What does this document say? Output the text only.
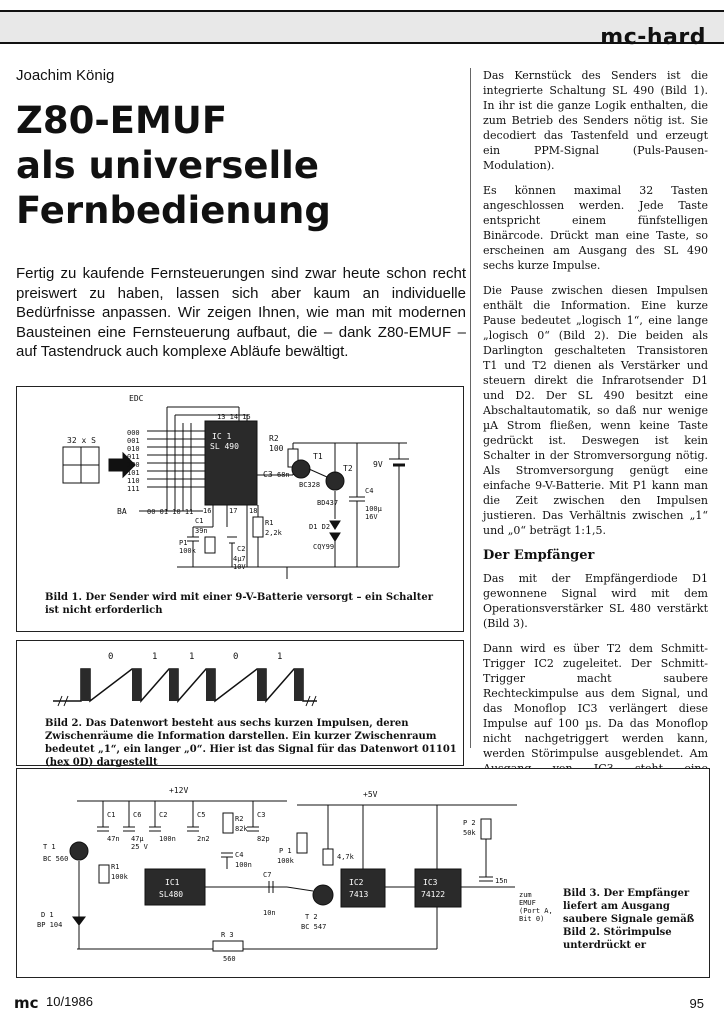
mc-hard
Joachim König
Z80-EMUF
als universelle
Fernbedienung
Fertig zu kaufende Fernsteuerungen sind zwar heute schon recht preiswert zu haben, lassen sich aber kaum an individuelle Bedürfnisse anpassen. Wir zeigen Ihnen, wie man mit modernen Bausteinen eine Fernsteuerung aufbaut, die – dank Z80-EMUF – auf Tastendruck auch komplexe Abläufe bewältigt.

Das Kernstück des Senders ist die integrierte Schaltung SL 490 (Bild 1). In ihr ist die ganze Logik enthalten, die zum Betrieb des Senders nötig ist. Sie decodiert das Tastenfeld und erzeugt ein PPM-Signal (Puls-Pausen-Modulation).

Es können maximal 32 Tasten angeschlossen werden. Jede Taste entspricht einem fünfstelligen Binärcode. Drückt man eine Taste, so erscheinen am Ausgang des SL 490 sechs kurze Impulse.

Die Pause zwischen diesen Impulsen enthält die Information. Eine kurze Pause bedeutet „logisch 1“, eine lange „logisch 0“ (Bild 2). Die beiden als Darlington geschalteten Transistoren T1 und T2 dienen als Verstärker und steuern direkt die Infrarotsender D1 und D2. Der SL 490 besitzt eine Abschaltautomatik, so daß nur wenige µA Strom fließen, wenn keine Taste gedrückt ist. Deswegen ist kein Schalter in der Stromversorgung nötig. Als Stromversorgung genügt eine einfache 9-V-Batterie. Mit P1 kann man die Zeit zwischen den Impulsen justieren. Das Verhältnis zwischen „1“ und „0“ beträgt 1:1,5.

Der Empfänger

Das mit der Empfängerdiode D1 gewonnene Signal wird mit dem Operationsverstärker SL 480 verstärkt (Bild 3).

Dann wird es über T2 dem Schmitt-Trigger IC2 zugeleitet. Der Schmitt-Trigger macht saubere Rechteckimpulse aus dem Signal, und das Monoflop IC3 verlängert diese Impulse auf 100 µs. Da das Monoflop nicht nachgetriggert werden kann, werden Störimpulse ausgeblendet. Am

EDC
32 x S	IC 1
SL 490
13 14 15
BA	00 01 10 11 16	17 18
R2
100
C3 68n
T1
BC328
T2
BD437
9V
C4
100µ
16V
D1 D2
CQY99
C1
39n
P1
100k
R1
2,2k
C2
4µ7
10V
000
001
010
011
100
101
110
111
Bild 1. Der Sender wird mit einer 9-V-Batterie versorgt – ein Schalter ist nicht erforderlich
0	1	1	0	1
Bild 2. Das Datenwort besteht aus sechs kurzen Impulsen, deren Zwischenräume die Information darstellen. Ein kurzer Zwischenraum bedeutet „1“, ein langer „0“. Hier ist das Signal für das Datenwort 01101 (hex 0D) dargestellt
+12V	+5V
C1
47n
C6
47µ
25 V
C2
100n
C5
2n2
R2
82k
C3
82p
T 1
BC 560
R1
100k
IC1
SL480
C4
100n
C7
10n
D 1
BP 104
R 3
560
P 1
100k	4,7k
T 2
BC 547
IC2
7413
IC3
74122
P 2
50k
15n
zum
EMUF
(Port A,
Bit 0)
Bild 3. Der Empfänger liefert am Ausgang saubere Signale gemäß Bild 2. Störimpulse unterdrückt er
mc 10/1986	95
